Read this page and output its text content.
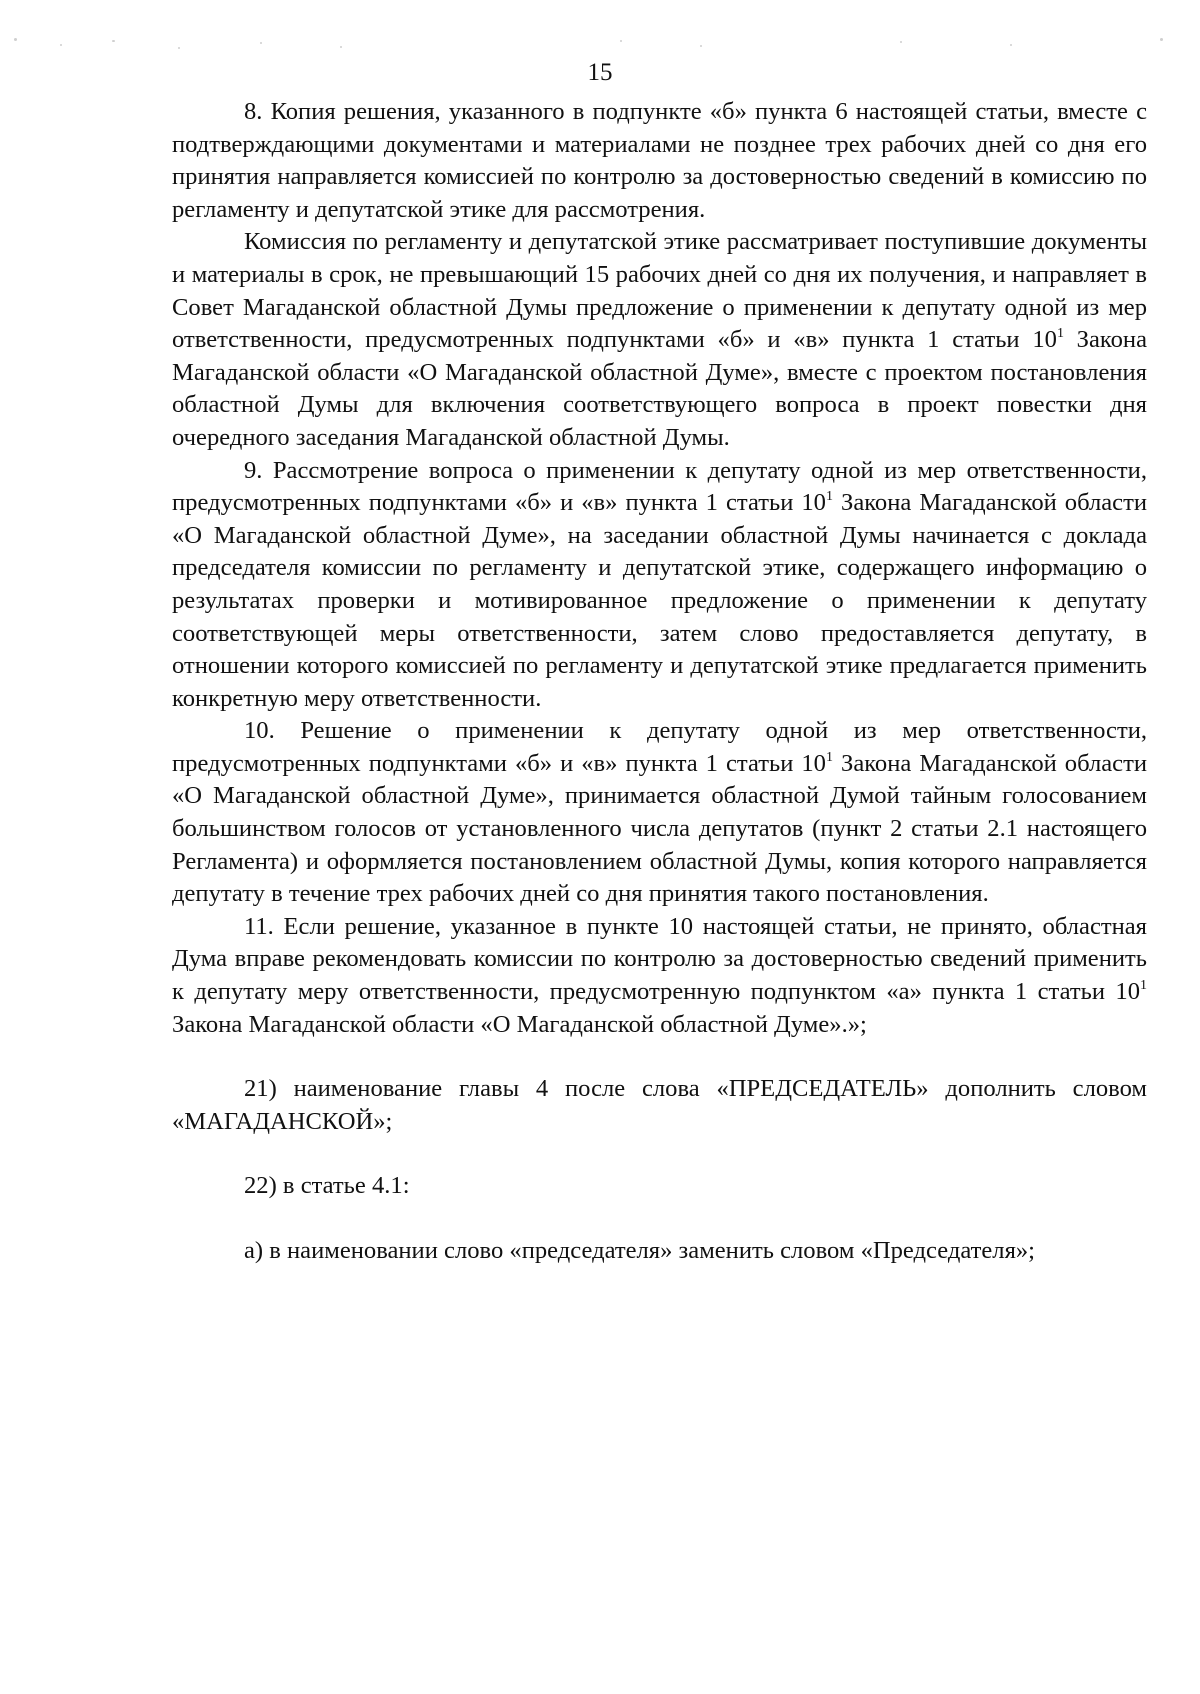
15

8. Копия решения, указанного в подпункте «б» пункта 6 настоящей статьи, вместе с подтверждающими документами и материалами не позднее трех рабочих дней со дня его принятия направляется комиссией по контролю за достоверностью сведений в комиссию по регламенту и депутатской этике для рассмотрения.

Комиссия по регламенту и депутатской этике рассматривает поступившие документы и материалы в срок, не превышающий 15 рабочих дней со дня их получения, и направляет в Совет Магаданской областной Думы предложение о применении к депутату одной из мер ответственности, предусмотренных подпунктами «б» и «в» пункта 1 статьи $10^1$ Закона Магаданской области «О Магаданской областной Думе», вместе с проектом постановления областной Думы для включения соответствующего вопроса в проект повестки дня очередного заседания Магаданской областной Думы.

9. Рассмотрение вопроса о применении к депутату одной из мер ответственности, предусмотренных подпунктами «б» и «в» пункта 1 статьи $10^1$ Закона Магаданской области «О Магаданской областной Думе», на заседании областной Думы начинается с доклада председателя комиссии по регламенту и депутатской этике, содержащего информацию о результатах проверки и мотивированное предложение о применении к депутату соответствующей меры ответственности, затем слово предоставляется депутату, в отношении которого комиссией по регламенту и депутатской этике предлагается применить конкретную меру ответственности.

10. Решение о применении к депутату одной из мер ответственности, предусмотренных подпунктами «б» и «в» пункта 1 статьи $10^1$ Закона Магаданской области «О Магаданской областной Думе», принимается областной Думой тайным голосованием большинством голосов от установленного числа депутатов (пункт 2 статьи 2.1 настоящего Регламента) и оформляется постановлением областной Думы, копия которого направляется депутату в течение трех рабочих дней со дня принятия такого постановления.

11. Если решение, указанное в пункте 10 настоящей статьи, не принято, областная Дума вправе рекомендовать комиссии по контролю за достоверностью сведений применить к депутату меру ответственности, предусмотренную подпунктом «а» пункта 1 статьи $10^1$ Закона Магаданской области «О Магаданской областной Думе».»;

21) наименование главы 4 после слова «ПРЕДСЕДАТЕЛЬ» дополнить словом «МАГАДАНСКОЙ»;

22) в статье 4.1:

а) в наименовании слово «председателя» заменить словом «Председателя»;
